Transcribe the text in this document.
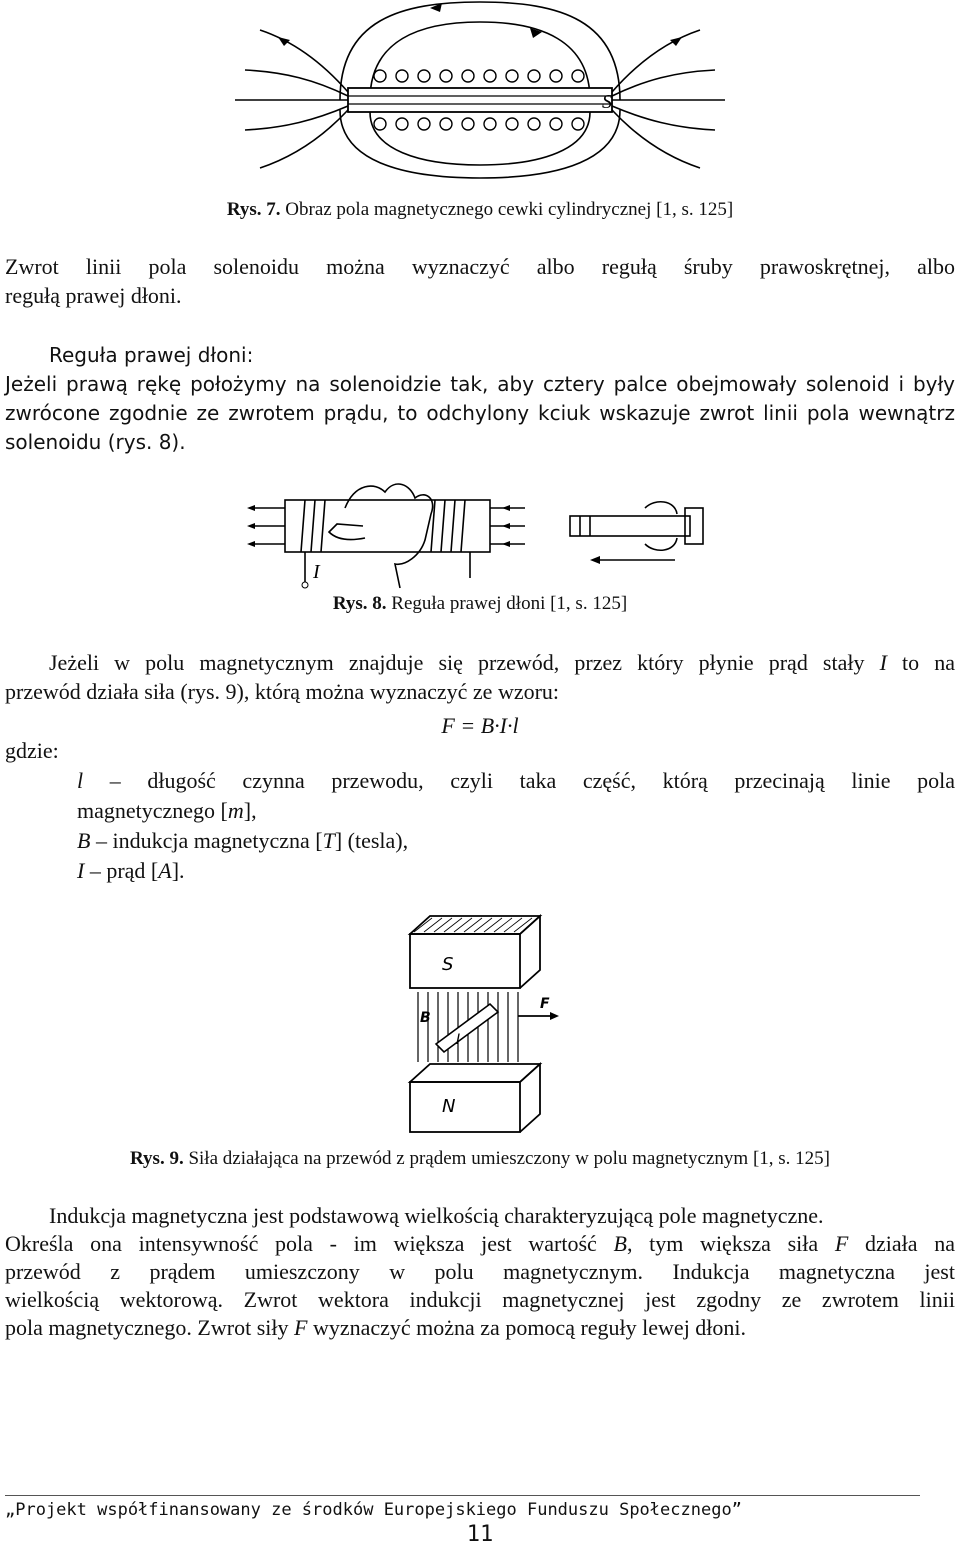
S
Rys. 7. Obraz pola magnetycznego cewki cylindrycznej [1, s. 125]
Zwrot linii pola solenoidu można wyznaczyć albo regułą śruby prawoskrętnej, albo
regułą prawej dłoni.
Reguła prawej dłoni:
Jeżeli prawą rękę położymy na solenoidzie tak, aby cztery palce obejmowały solenoid i były
zwrócone zgodnie ze zwrotem prądu, to odchylony kciuk wskazuje zwrot linii pola wewnątrz
solenoidu (rys. 8).
I
Rys. 8. Reguła prawej dłoni [1, s. 125]
Jeżeli w polu magnetycznym znajduje się przewód, przez który płynie prąd stały I to na
przewód działa siła (rys. 9), którą można wyznaczyć ze wzoru:
F = B·I·l
gdzie:
l – długość czynna przewodu, czyli taka część, którą przecinają linie pola
magnetycznego [m],
B – indukcja magnetyczna [T] (tesla),
I – prąd [A].
S
N
B
I
F
Rys. 9. Siła działająca na przewód z prądem umieszczony w polu magnetycznym [1, s. 125]
Indukcja magnetyczna jest podstawową wielkością charakteryzującą pole magnetyczne.
Określa ona intensywność pola - im większa jest wartość B, tym większa siła F działa na
przewód z prądem umieszczony w polu magnetycznym. Indukcja magnetyczna jest
wielkością wektorową. Zwrot wektora indukcji magnetycznej jest zgodny ze zwrotem linii
pola magnetycznego. Zwrot siły F wyznaczyć można za pomocą reguły lewej dłoni.
„Projekt współfinansowany ze środków Europejskiego Funduszu Społecznego”
11
